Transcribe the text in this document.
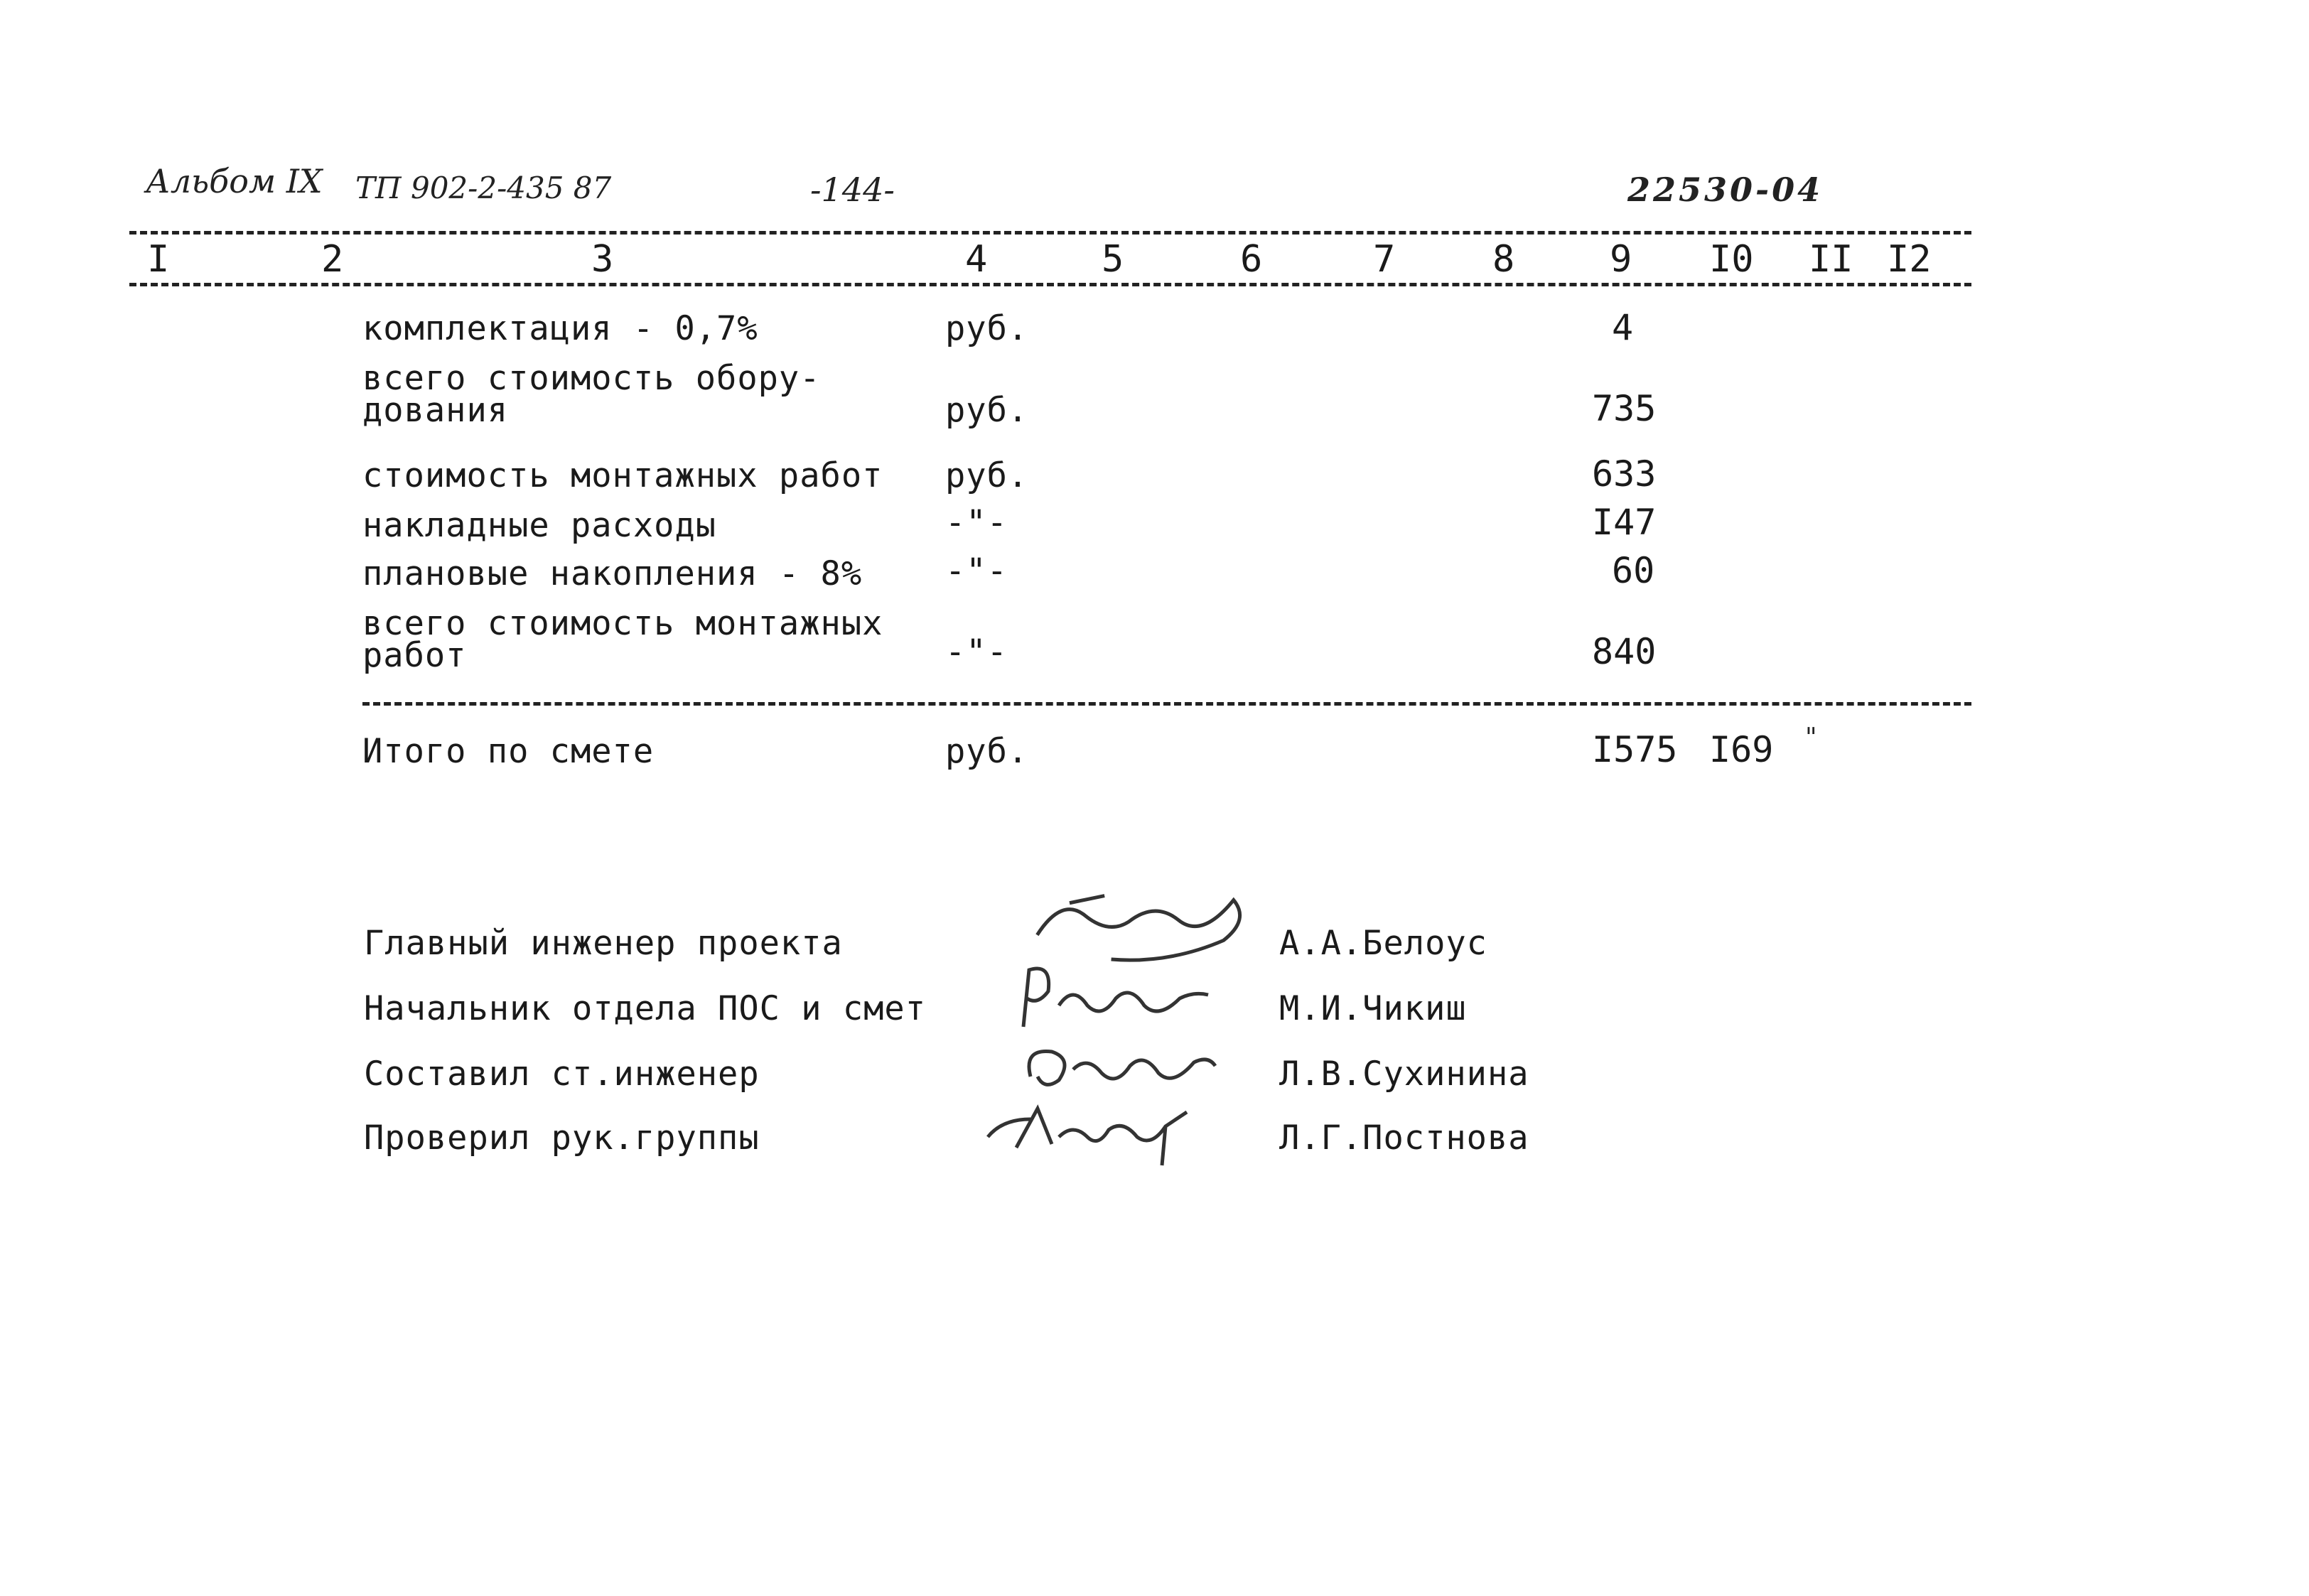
Альбом IX ТП 902-2-435 87	-144-	22530-04
I	2	3	4	5	6	7	8	9 I0 II I2
комплектация - 0,7%	руб.	4
всего стоимость обору-
дования	руб.	735
стоимость монтажных работ руб.	633
накладные расходы	-"-	I47
плановые накопления - 8% -"-	60
всего стоимость монтажных
работ	-"-	840
Итого по смете	руб.	I575 I69 "
Главный инженер проекта	А.А.Белоус
Начальник отдела ПОС и смет	М.И.Чикиш
Составил ст.инженер	Л.В.Сухинина
Проверил рук.группы	Л.Г.Постнова
